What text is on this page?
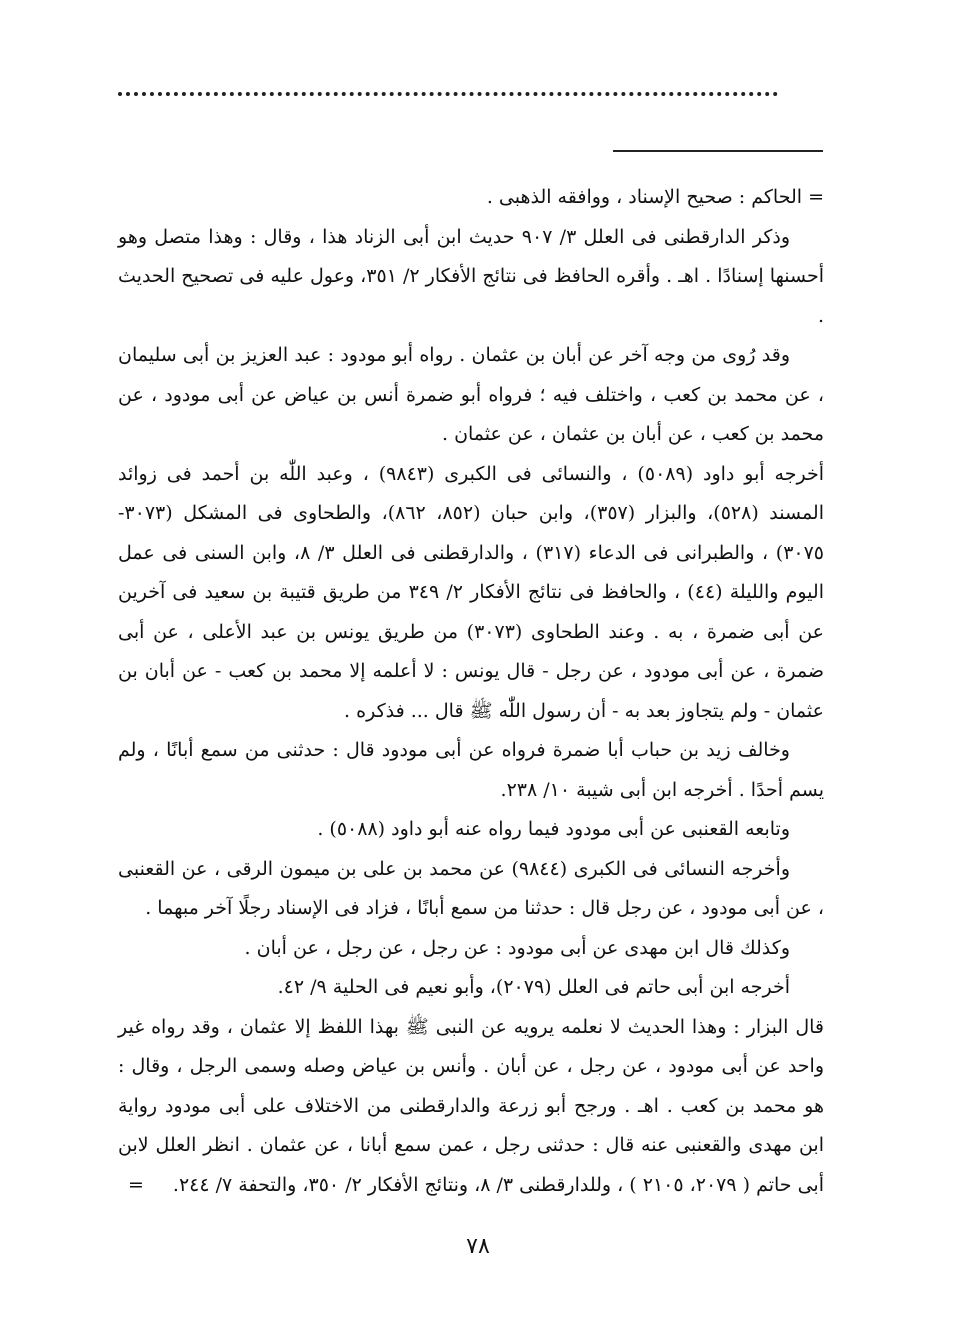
= الحاكم : صحيح الإسناد ، ووافقه الذهبى .

وذكر الدارقطنى فى العلل ٣/ ٩٠٧ حديث ابن أبى الزناد هذا ، وقال : وهذا متصل وهو أحسنها إسنادًا . اهـ . وأقره الحافظ فى نتائج الأفكار ٢/ ٣٥١، وعول عليه فى تصحيح الحديث .

وقد رُوى من وجه آخر عن أبان بن عثمان . رواه أبو مودود : عبد العزيز بن أبى سليمان ، عن محمد بن كعب ، واختلف فيه ؛ فرواه أبو ضمرة أنس بن عياض عن أبى مودود ، عن محمد بن كعب ، عن أبان بن عثمان ، عن عثمان .

أخرجه أبو داود (٥٠٨٩) ، والنسائى فى الكبرى (٩٨٤٣) ، وعبد اللّٰه بن أحمد فى زوائد المسند (٥٢٨)، والبزار (٣٥٧)، وابن حبان (٨٥٢، ٨٦٢)، والطحاوى فى المشكل (٣٠٧٣- ٣٠٧٥) ، والطبرانى فى الدعاء (٣١٧) ، والدارقطنى فى العلل ٣/ ٨، وابن السنى فى عمل اليوم والليلة (٤٤) ، والحافظ فى نتائج الأفكار ٢/ ٣٤٩ من طريق قتيبة بن سعيد فى آخرين عن أبى ضمرة ، به . وعند الطحاوى (٣٠٧٣) من طريق يونس بن عبد الأعلى ، عن أبى ضمرة ، عن أبى مودود ، عن رجل - قال يونس : لا أعلمه إلا محمد بن كعب - عن أبان بن عثمان - ولم يتجاوز بعد به - أن رسول اللّٰه ﷺ قال ... فذكره .

وخالف زيد بن حباب أبا ضمرة فرواه عن أبى مودود قال : حدثنى من سمع أبانًا ، ولم يسم أحدًا . أخرجه ابن أبى شيبة ١٠/ ٢٣٨.

وتابعه القعنبى عن أبى مودود فيما رواه عنه أبو داود (٥٠٨٨) .

وأخرجه النسائى فى الكبرى (٩٨٤٤) عن محمد بن على بن ميمون الرقى ، عن القعنبى ، عن أبى مودود ، عن رجل قال : حدثنا من سمع أبانًا ، فزاد فى الإسناد رجلًا آخر مبهما .

وكذلك قال ابن مهدى عن أبى مودود : عن رجل ، عن رجل ، عن أبان .

أخرجه ابن أبى حاتم فى العلل (٢٠٧٩)، وأبو نعيم فى الحلية ٩/ ٤٢.

قال البزار : وهذا الحديث لا نعلمه يرويه عن النبى ﷺ بهذا اللفظ إلا عثمان ، وقد رواه غير واحد عن أبى مودود ، عن رجل ، عن أبان . وأنس بن عياض وصله وسمى الرجل ، وقال : هو محمد بن كعب . اهـ . ورجح أبو زرعة والدارقطنى من الاختلاف على أبى مودود رواية ابن مهدى والقعنبى عنه قال : حدثنى رجل ، عمن سمع أبانا ، عن عثمان . انظر العلل لابن أبى حاتم ( ٢٠٧٩، ٢١٠٥ ) ، وللدارقطنى ٣/ ٨، ونتائج الأفكار ٢/ ٣٥٠، والتحفة ٧/ ٢٤٤.
=

٧٨
